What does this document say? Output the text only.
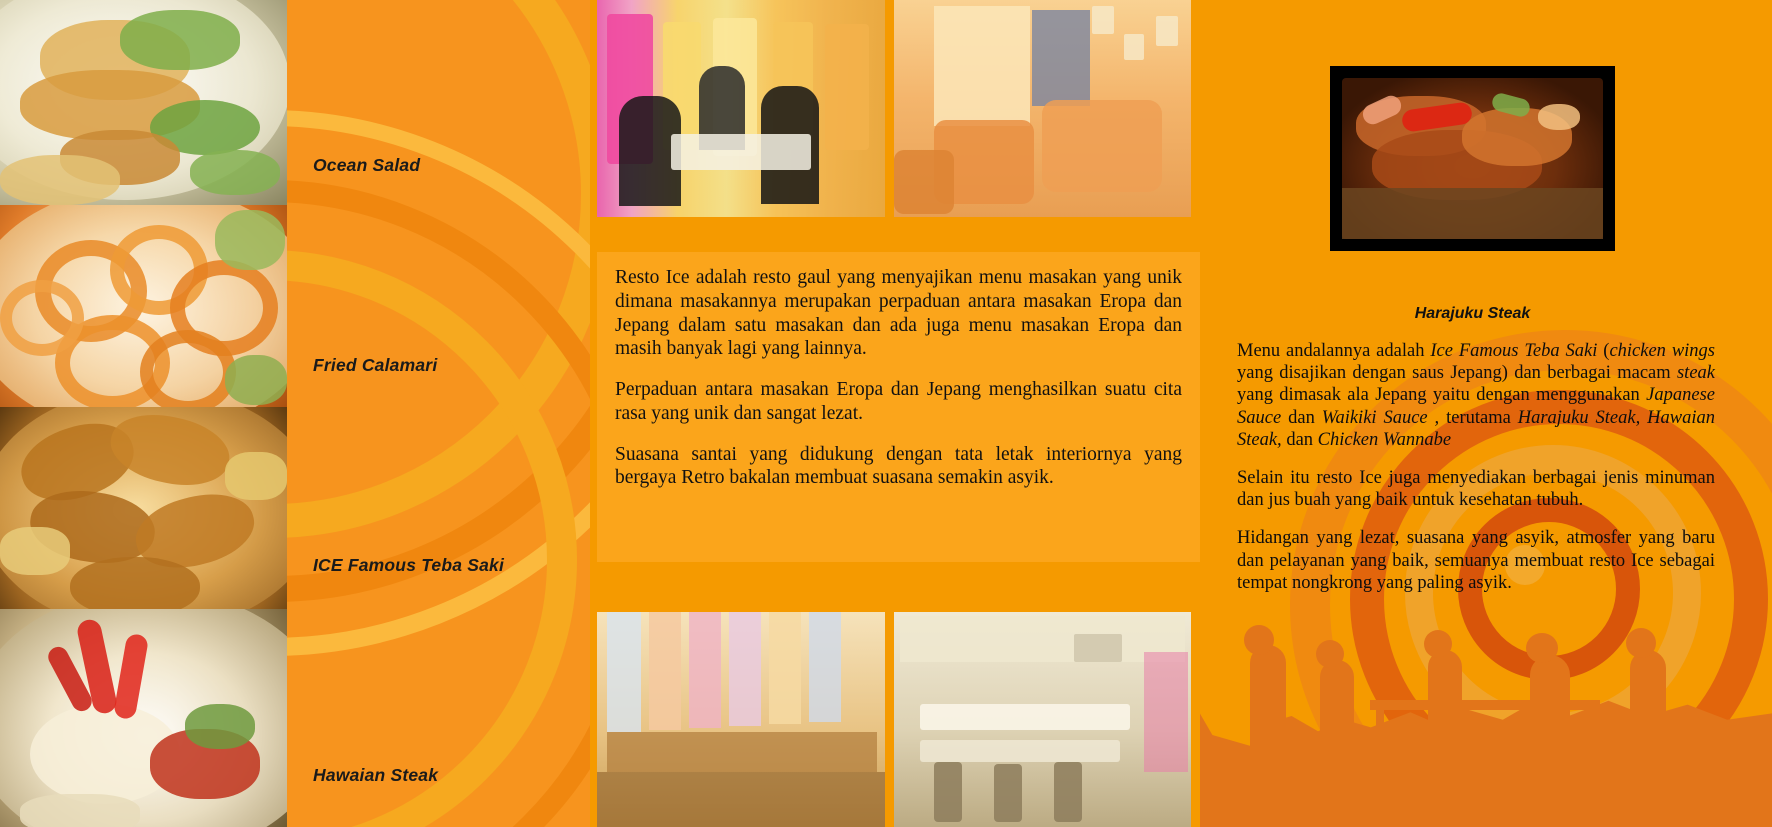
Ocean Salad
Fried Calamari
ICE Famous Teba Saki
Hawaian Steak

Resto Ice adalah resto gaul yang menyajikan menu masakan yang unik dimana masakannya merupakan perpaduan antara masakan Eropa dan Jepang dalam satu masakan dan ada juga menu masakan Eropa dan masih banyak lagi yang lainnya.

Perpaduan antara masakan Eropa dan Jepang menghasilkan suatu cita rasa yang unik dan sangat lezat.

Suasana santai yang didukung dengan tata letak interiornya yang bergaya Retro bakalan membuat suasana semakin asyik.

Harajuku Steak

Menu andalannya adalah Ice Famous Teba Saki (chicken wings yang disajikan dengan saus Jepang) dan berbagai macam steak yang dimasak ala Jepang yaitu dengan menggunakan Japanese Sauce dan Waikiki Sauce , terutama Harajuku Steak, Hawaian Steak, dan Chicken Wannabe

Selain itu resto Ice juga menyediakan berbagai jenis minuman dan jus buah yang baik untuk kesehatan tubuh.

Hidangan yang lezat, suasana yang asyik, atmosfer yang baru dan pelayanan yang baik, semuanya membuat resto Ice sebagai tempat nongkrong yang paling asyik.
